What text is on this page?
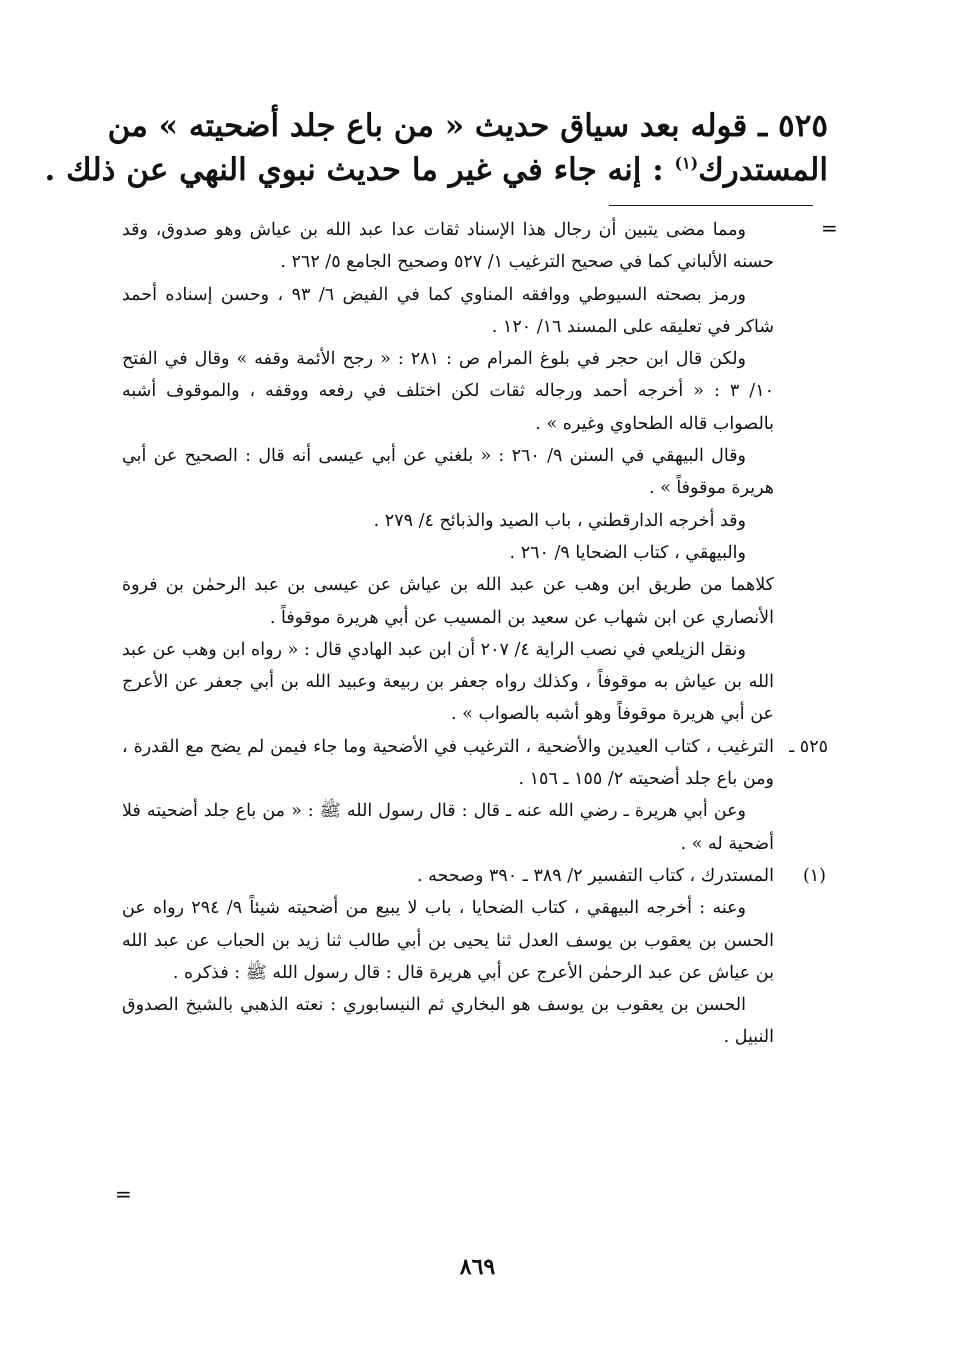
٥٢٥ ـ قوله بعد سياق حديث « من باع جلد أضحيته » من

المستدرك$^{(١)}$ : إنه جاء في غير ما حديث نبوي النهي عن ذلك .

=

ومما مضى يتبين أن رجال هذا الإسناد ثقات عدا عبد الله بن عياش وهو صدوق، وقد حسنه الألباني كما في صحيح الترغيب ١/ ٥٢٧ وصحيح الجامع ٥/ ٢٦٢ .

ورمز بصحته السيوطي ووافقه المناوي كما في الفيض ٦/ ٩٣ ، وحسن إسناده أحمد شاكر في تعليقه على المسند ١٦/ ١٢٠ .

ولكن قال ابن حجر في بلوغ المرام ص : ٢٨١ : « رجح الأئمة وقفه » وقال في الفتح ١٠/ ٣ : « أخرجه أحمد ورجاله ثقات لكن اختلف في رفعه ووقفه ، والموقوف أشبه بالصواب قاله الطحاوي وغيره » .

وقال البيهقي في السنن ٩/ ٢٦٠ : « بلغني عن أبي عيسى أنه قال : الصحيح عن أبي هريرة موقوفاً » .

وقد أخرجه الدارقطني ، باب الصيد والذبائح ٤/ ٢٧٩ .

والبيهقي ، كتاب الضحايا ٩/ ٢٦٠ .

كلاهما من طريق ابن وهب عن عبد الله بن عياش عن عيسى بن عبد الرحمٰن بن فروة الأنصاري عن ابن شهاب عن سعيد بن المسيب عن أبي هريرة موقوفاً .

ونقل الزيلعي في نصب الراية ٤/ ٢٠٧ أن ابن عبد الهادي قال : « رواه ابن وهب عن عبد الله بن عياش به موقوفاً ، وكذلك رواه جعفر بن ربيعة وعبيد الله بن أبي جعفر عن الأعرج عن أبي هريرة موقوفاً وهو أشبه بالصواب » .

٥٢٥ ـ
الترغيب ، كتاب العيدين والأضحية ، الترغيب في الأضحية وما جاء فيمن لم يضح مع القدرة ، ومن باع جلد أضحيته ٢/ ١٥٥ ـ ١٥٦ .

وعن أبي هريرة ـ رضي الله عنه ـ قال : قال رسول الله ﷺ : « من باع جلد أضحيته فلا أضحية له » .

(١)
المستدرك ، كتاب التفسير ٢/ ٣٨٩ ـ ٣٩٠ وصححه .

وعنه : أخرجه البيهقي ، كتاب الضحايا ، باب لا يبيع من أضحيته شيئاً ٩/ ٢٩٤ رواه عن الحسن بن يعقوب بن يوسف العدل ثنا يحيى بن أبي طالب ثنا زيد بن الحباب عن عبد الله بن عياش عن عبد الرحمٰن الأعرج عن أبي هريرة قال : قال رسول الله ﷺ : فذكره .

الحسن بن يعقوب بن يوسف هو البخاري ثم النيسابوري : نعته الذهبي بالشيخ الصدوق النبيل .

=
٨٦٩
